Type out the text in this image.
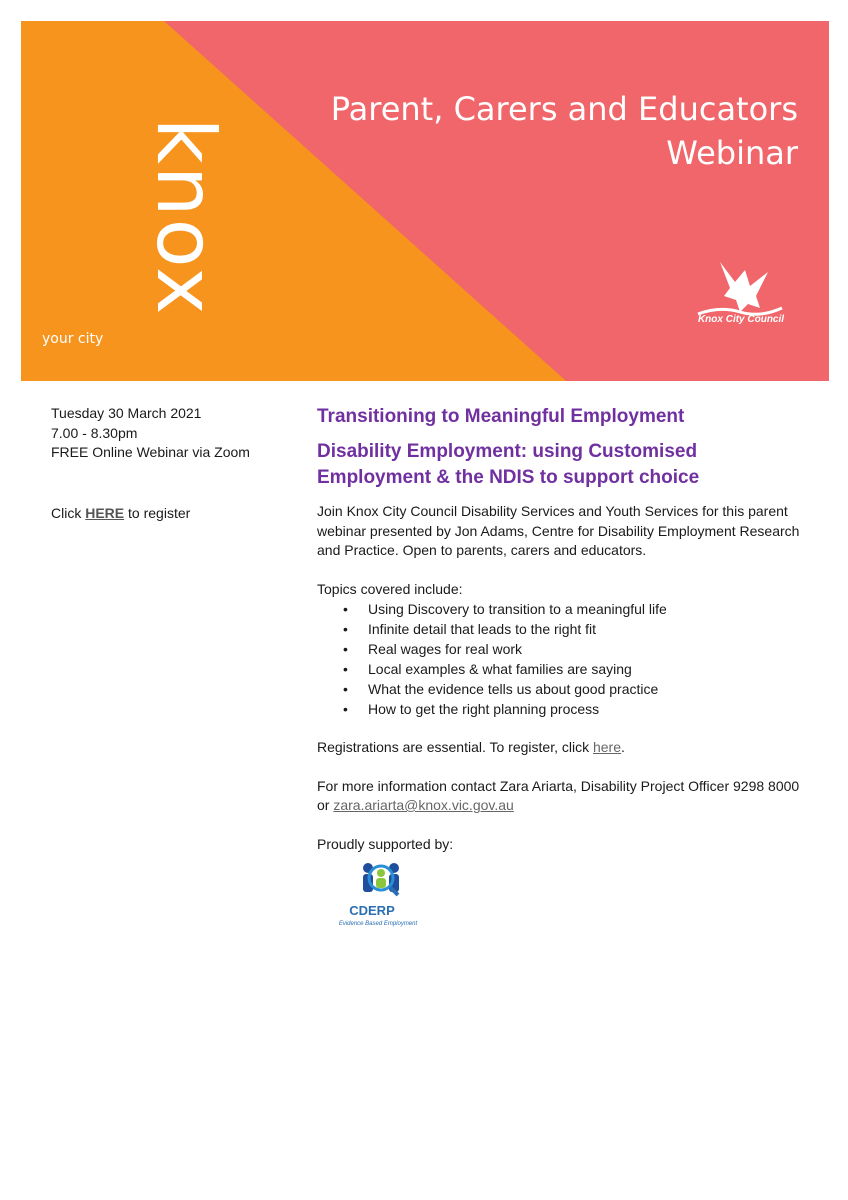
knox
your city
Parent, Carers and Educators
Webinar
Knox City Council
Tuesday 30 March 2021
7.00 - 8.30pm
FREE Online Webinar via Zoom
Click HERE to register
Transitioning to Meaningful Employment
Disability Employment: using Customised Employment & the NDIS to support choice

Join Knox City Council Disability Services and Youth Services for this parent webinar presented by Jon Adams, Centre for Disability Employment Research and Practice. Open to parents, carers and educators.

Topics covered include:

• Using Discovery to transition to a meaningful life
• Infinite detail that leads to the right fit
• Real wages for real work
• Local examples & what families are saying
• What the evidence tells us about good practice
• How to get the right planning process

Registrations are essential. To register, click here.

For more information contact Zara Ariarta, Disability Project Officer 9298 8000 or zara.ariarta@knox.vic.gov.au

Proudly supported by:

CDERP
Evidence Based Employment
